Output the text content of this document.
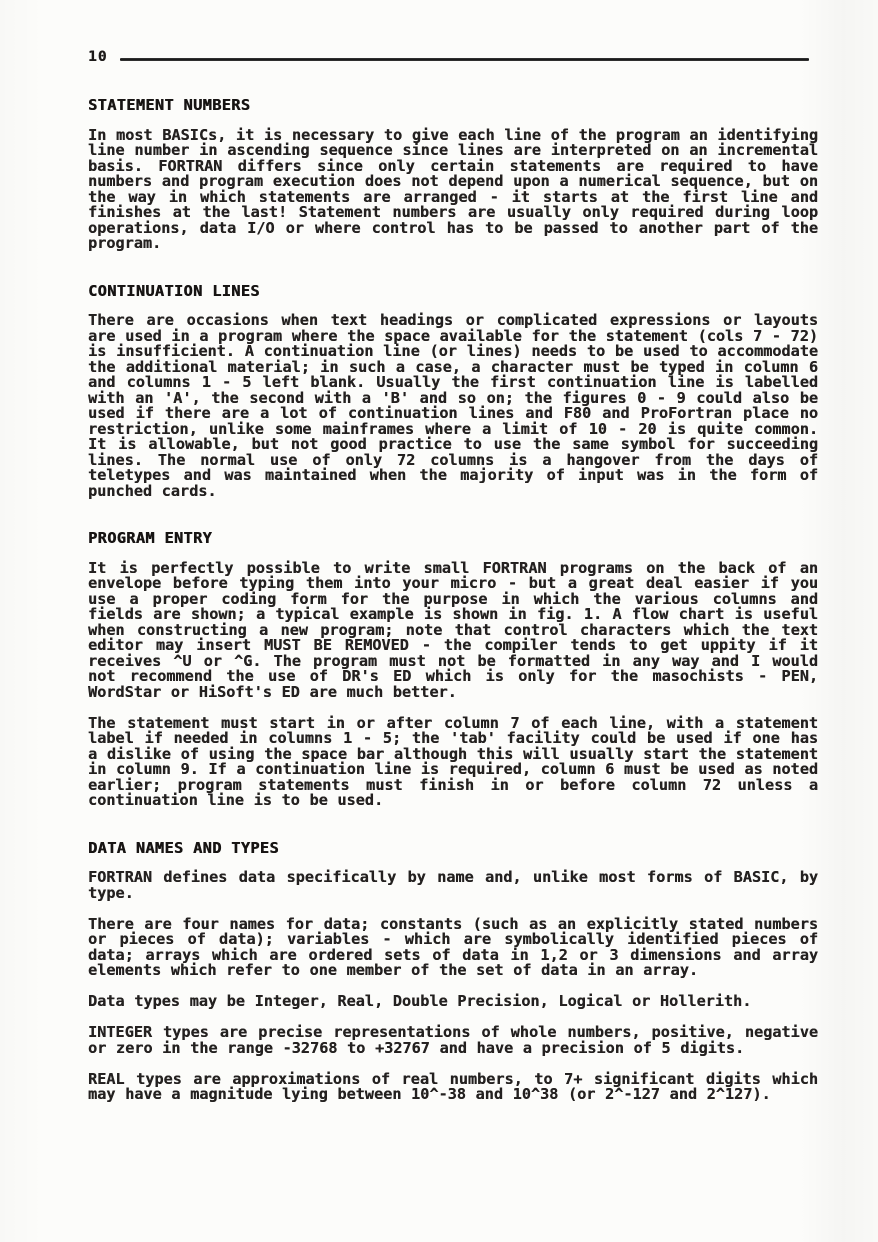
10
STATEMENT NUMBERS

In most BASICs, it is necessary to give each line of the program an identifying line number in ascending sequence since lines are interpreted on an incremental basis. FORTRAN differs since only certain statements are required to have numbers and program execution does not depend upon a numerical sequence, but on the way in which statements are arranged - it starts at the first line and finishes at the last! Statement numbers are usually only required during loop operations, data I/O or where control has to be passed to another part of the program.

CONTINUATION LINES

There are occasions when text headings or complicated expressions or layouts are used in a program where the space available for the statement (cols 7 - 72) is insufficient. A continuation line (or lines) needs to be used to accommodate the additional material; in such a case, a character must be typed in column 6 and columns 1 - 5 left blank. Usually the first continuation line is labelled with an 'A', the second with a 'B' and so on; the figures 0 - 9 could also be used if there are a lot of continuation lines and F80 and ProFortran place no restriction, unlike some mainframes where a limit of 10 - 20 is quite common. It is allowable, but not good practice to use the same symbol for succeeding lines. The normal use of only 72 columns is a hangover from the days of teletypes and was maintained when the majority of input was in the form of punched cards.

PROGRAM ENTRY

It is perfectly possible to write small FORTRAN programs on the back of an envelope before typing them into your micro - but a great deal easier if you use a proper coding form for the purpose in which the various columns and fields are shown; a typical example is shown in fig. 1. A flow chart is useful when constructing a new program; note that control characters which the text editor may insert MUST BE REMOVED - the compiler tends to get uppity if it receives ^U or ^G. The program must not be formatted in any way and I would not recommend the use of DR's ED which is only for the masochists - PEN, WordStar or HiSoft's ED are much better.

The statement must start in or after column 7 of each line, with a statement label if needed in columns 1 - 5; the 'tab' facility could be used if one has a dislike of using the space bar although this will usually start the statement in column 9. If a continuation line is required, column 6 must be used as noted earlier; program statements must finish in or before column 72 unless a continuation line is to be used.

DATA NAMES AND TYPES

FORTRAN defines data specifically by name and, unlike most forms of BASIC, by type.

There are four names for data; constants (such as an explicitly stated numbers or pieces of data); variables - which are symbolically identified pieces of data; arrays which are ordered sets of data in 1,2 or 3 dimensions and array elements which refer to one member of the set of data in an array.

Data types may be Integer, Real, Double Precision, Logical or Hollerith.

INTEGER types are precise representations of whole numbers, positive, negative or zero in the range -32768 to +32767 and have a precision of 5 digits.

REAL types are approximations of real numbers, to 7+ significant digits which may have a magnitude lying between 10^-38 and 10^38 (or 2^-127 and 2^127).
